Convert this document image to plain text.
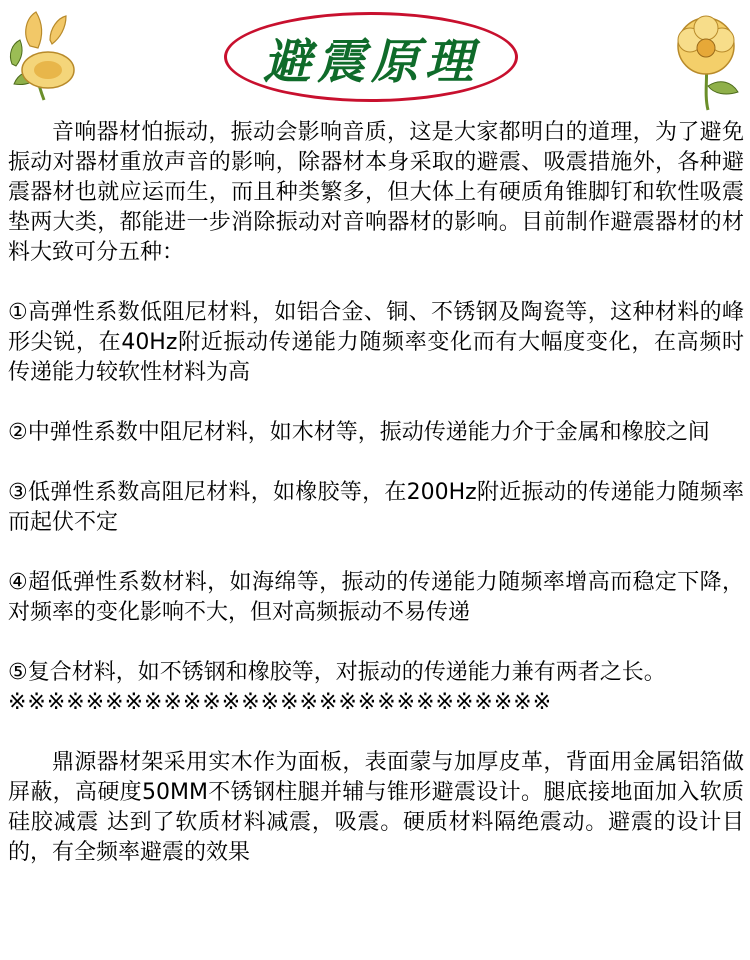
避震原理

音响器材怕振动，振动会影响音质，这是大家都明白的道理，为了避免振动对器材重放声音的影响，除器材本身采取的避震、吸震措施外，各种避震器材也就应运而生，而且种类繁多，但大体上有硬质角锥脚钉和软性吸震垫两大类，都能进一步消除振动对音响器材的影响。目前制作避震器材的材料大致可分五种：

①高弹性系数低阻尼材料，如铝合金、铜、不锈钢及陶瓷等，这种材料的峰形尖锐，在40Hz附近振动传递能力随频率变化而有大幅度变化，在高频时传递能力较软性材料为高

②中弹性系数中阻尼材料，如木材等，振动传递能力介于金属和橡胶之间

③低弹性系数高阻尼材料，如橡胶等，在200Hz附近振动的传递能力随频率而起伏不定

④超低弹性系数材料，如海绵等，振动的传递能力随频率增高而稳定下降，对频率的变化影响不大，但对高频振动不易传递

⑤复合材料，如不锈钢和橡胶等，对振动的传递能力兼有两者之长。

※※※※※※※※※※※※※※※※※※※※※※※※※※※※

鼎源器材架采用实木作为面板，表面蒙与加厚皮革，背面用金属铝箔做屏蔽，高硬度50MM不锈钢柱腿并辅与锥形避震设计。腿底接地面加入软质硅胶减震 达到了软质材料减震，吸震。硬质材料隔绝震动。避震的设计目的，有全频率避震的效果
